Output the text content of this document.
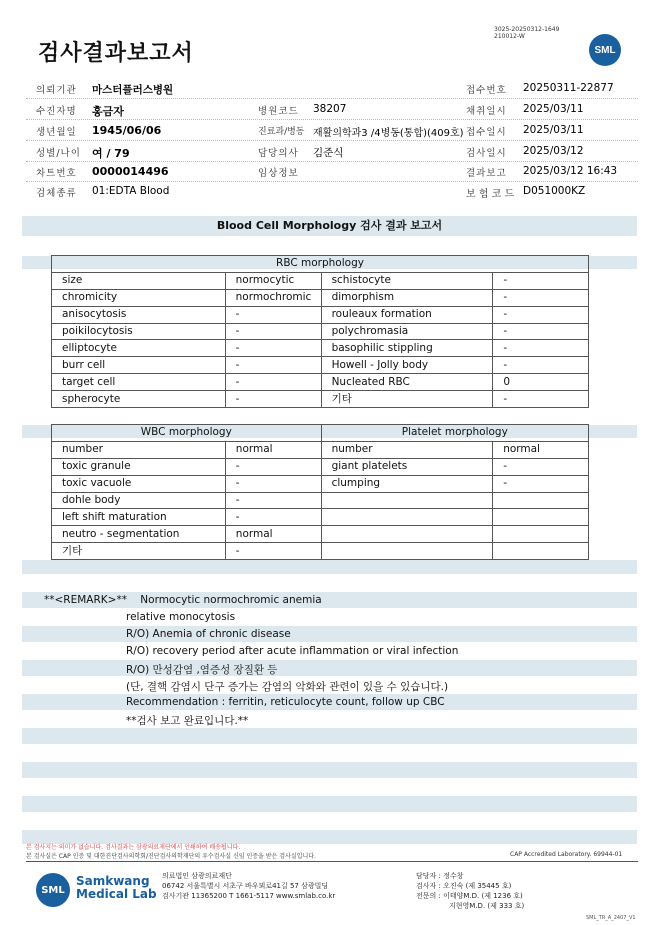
검사결과보고서
3025-20250312-1649
210012-W
SML
의뢰기관 마스터플러스병원	접수번호 20250311-22877
수진자명 홍금자	병원코드 38207	채취일시 2025/03/11
생년월일 1945/06/06	진료과/병동 재활의학과3 /4병동(통합)(409호) 접수일시 2025/03/11
성별/나이 여 / 79	담당의사 김준식	검사일시 2025/03/12
차트번호 0000014496	임상정보	결과보고 2025/03/12 16:43
검체종류 01:EDTA Blood	보 험 코 드 D051000KZ
Blood Cell Morphology 검사 결과 보고서
RBC morphology			
size	normocytic	schistocyte	-
chromicity	normochromic	dimorphism	-
anisocytosis	-	rouleaux formation	-
poikilocytosis	-	polychromasia	-
elliptocyte	-	basophilic stippling	-
burr cell	-	Howell - Jolly body	-
target cell	-	Nucleated RBC	0
spherocyte	-	기타	-
WBC morphology		Platelet morphology	
number	normal	number	normal
toxic granule	-	giant platelets	-
toxic vacuole	-	clumping	-
dohle body	-		
left shift maturation	-		
neutro - segmentation	normal		
기타	-		
**<REMARK>** Normocytic normochromic anemia
relative monocytosis
R/O) Anemia of chronic disease
R/O) recovery period after acute inflammation or viral infection
R/O) 만성감염 ,염증성 장질환 등
(단, 결핵 감염시 단구 증가는 감염의 악화와 관련이 있을 수 있습니다.)
Recommendation : ferritin, reticulocyte count, follow up CBC
**검사 보고 완료입니다.**
본 검사지는 의미가 없습니다. 검사결과는 삼광의료재단에서 인쇄하여 배송됩니다.
본 검사실은 CAP 인증 및 대한진단검사의학회/진단검사의학재단의 우수검사실 신임 인증을 받은 검사실입니다.	CAP Accredited Laboratory. 69944-01
SML
Samkwang
Medical Lab
의료법인 삼광의료재단
06742 서울특별시 서초구 바우뫼로41길 57 삼광빌딩
검사기관 11365200 T 1661-5117 www.smlab.co.kr
담당자 : 정수창
검사자 : 오진숙 (제 35445 호)
전문의 : 이태양M.D. (제 1236 호)
지현영M.D. (제 333 호)
SML_TR_A_2407_V1
